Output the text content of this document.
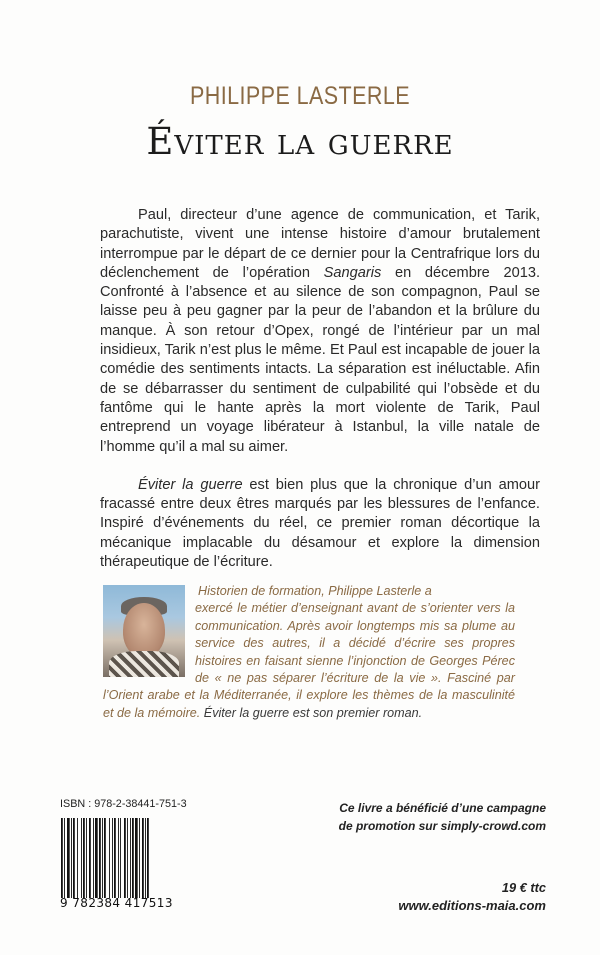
PHILIPPE LASTERLE
Éviter la guerre

Paul, directeur d’une agence de communication, et Tarik, parachutiste, vivent une intense histoire d’amour brutalement interrompue par le départ de ce dernier pour la Centrafrique lors du déclenchement de l’opération Sangaris en décembre 2013. Confronté à l’absence et au silence de son compagnon, Paul se laisse peu à peu gagner par la peur de l’abandon et la brûlure du manque. À son retour d’Opex, rongé de l’intérieur par un mal insidieux, Tarik n’est plus le même. Et Paul est incapable de jouer la comédie des sentiments intacts. La séparation est inéluctable. Afin de se débarrasser du sentiment de culpabilité qui l’obsède et du fantôme qui le hante après la mort violente de Tarik, Paul entreprend un voyage libérateur à Istanbul, la ville natale de l’homme qu’il a mal su aimer.

Éviter la guerre est bien plus que la chronique d’un amour fracassé entre deux êtres marqués par les blessures de l’enfance. Inspiré d’événements du réel, ce premier roman décortique la mécanique implacable du désamour et explore la dimension thérapeutique de l’écriture.

Historien de formation, Philippe Lasterle a
exercé le métier d’enseignant avant de s’orienter vers la communication. Après avoir longtemps mis sa plume au service des autres, il a décidé d’écrire ses propres histoires en faisant sienne l’injonction de Georges Pérec de « ne pas séparer l’écriture de la vie ». Fasciné par l’Orient arabe et la Méditerranée, il explore les thèmes de la masculinité et de la mémoire. Éviter la guerre est son premier roman.

ISBN : 978-2-38441-751-3
9 782384 417513
Ce livre a bénéficié d’une campagne
de promotion sur simply-crowd.com
19 € ttc
www.editions-maia.com
